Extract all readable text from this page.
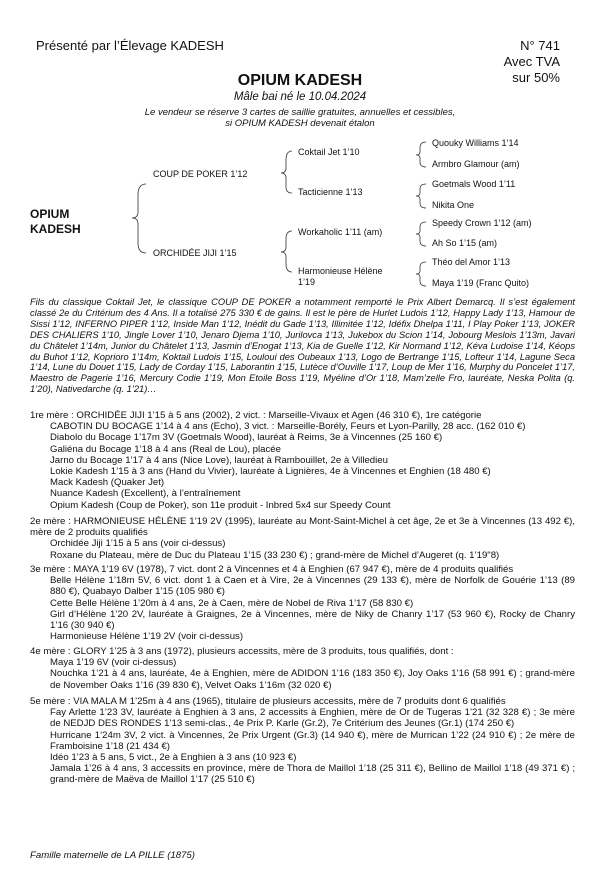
Présenté par l’Élevage KADESH	N° 741
Avec TVA
sur 50%
OPIUM KADESH
Mâle bai né le 10.04.2024
Le vendeur se réserve 3 cartes de saillie gratuites, annuelles et cessibles,
si OPIUM KADESH devenait étalon
OPIUM
KADESH
COUP DE POKER 1’12
ORCHIDÉE JIJI 1’15
Coktail Jet 1’10
Tacticienne 1’13
Workaholic 1’11 (am)
Harmonieuse Hélène
1’19
Quouky Williams 1’14
Armbro Glamour (am)
Goetmals Wood 1’11
Nikita One
Speedy Crown 1’12 (am)
Ah So 1’15 (am)
Théo del Amor 1’13
Maya 1’19 (Franc Quito)
Fils du classique Coktail Jet, le classique COUP DE POKER a notamment remporté le Prix Albert Demarcq. Il s’est également classé 2e du Critérium des 4 Ans. Il a totalisé 275 330 € de gains. Il est le père de Hurlet Ludois 1’12, Happy Lady 1’13, Hamour de Sissi 1’12, INFERNO PIPER 1’12, Inside Man 1’12, Inédit du Gade 1’13, Illimitée 1’12, Idéfix Dhelpa 1’11, I Play Poker 1’13, JOKER DES CHALIERS 1’10, Jingle Lover 1’10, Jenaro Djema 1’10, Jurilovca 1’13, Jukebox du Scion 1’14, Jobourg Meslois 1’13m, Javari du Châtelet 1’14m, Junior du Châtelet 1’13, Jasmin d’Enogat 1’13, Kia de Guelle 1’12, Kir Normand 1’12, Kéva Ludoise 1’14, Kéops du Buhot 1’12, Koprioro 1’14m, Koktail Ludois 1’15, Louloui des Oubeaux 1’13, Logo de Bertrange 1’15, Lofteur 1’14, Lagune Seca 1’14, Lune du Douet 1’15, Lady de Corday 1’15, Laborantin 1’15, Lutèce d’Ouville 1’17, Loup de Mer 1’16, Murphy du Poncelet 1’17, Maestro de Pagerie 1’16, Mercury Codie 1’19, Mon Etoile Boss 1’19, Myéline d’Or 1’18, Mam’zelle Fro, lauréate, Neska Polita (q. 1’20), Nativedarche (q. 1’21)…

1re mère : ORCHIDÉE JIJI 1’15 à 5 ans (2002), 2 vict. : Marseille-Vivaux et Agen (46 310 €), 1re catégorie

CABOTIN DU BOCAGE 1’14 à 4 ans (Echo), 3 vict. : Marseille-Borély, Feurs et Lyon-Parilly, 28 acc. (162 010 €)

Diabolo du Bocage 1’17m 3V (Goetmals Wood), lauréat à Reims, 3e à Vincennes (25 160 €)

Galiéna du Bocage 1’18 à 4 ans (Real de Lou), placée

Jarno du Bocage 1’17 à 4 ans (Nice Love), lauréat à Rambouillet, 2e à Villedieu

Lokie Kadesh 1’15 à 3 ans (Hand du Vivier), lauréate à Lignières, 4e à Vincennes et Enghien (18 480 €)

Mack Kadesh (Quaker Jet)

Nuance Kadesh (Excellent), à l’entraînement

Opium Kadesh (Coup de Poker), son 11e produit - Inbred 5x4 sur Speedy Count

2e mère : HARMONIEUSE HÉLÈNE 1’19 2V (1995), lauréate au Mont-Saint-Michel à cet âge, 2e et 3e à Vincennes (13 492 €), mère de 2 produits qualifiés

Orchidée Jiji 1’15 à 5 ans (voir ci-dessus)

Roxane du Plateau, mère de Duc du Plateau 1’15 (33 230 €) ; grand-mère de Michel d’Augeret (q. 1’19"8)

3e mère : MAYA 1’19 6V (1978), 7 vict. dont 2 à Vincennes et 4 à Enghien (67 947 €), mère de 4 produits qualifiés

Belle Hélène 1’18m 5V, 6 vict. dont 1 à Caen et à Vire, 2e à Vincennes (29 133 €), mère de Norfolk de Gouérie 1’13 (89 880 €), Quabayo Dalber 1’15 (105 980 €)

Cette Belle Hélène 1’20m à 4 ans, 2e à Caen, mère de Nobel de Riva 1’17 (58 830 €)

Girl d’Hélène 1’20 2V, lauréate à Graignes, 2e à Vincennes, mère de Niky de Chanry 1’17 (53 960 €), Rocky de Chanry 1’16 (30 940 €)

Harmonieuse Hélène 1’19 2V (voir ci-dessus)

4e mère : GLORY 1’25 à 3 ans (1972), plusieurs accessits, mère de 3 produits, tous qualifiés, dont :

Maya 1’19 6V (voir ci-dessus)

Nouchka 1’21 à 4 ans, lauréate, 4e à Enghien, mère de ADIDON 1’16 (183 350 €), Joy Oaks 1’16 (58 991 €) ; grand-mère de November Oaks 1’16 (39 830 €), Velvet Oaks 1’16m (32 020 €)

5e mère : VIA MALA M 1’25m à 4 ans (1965), titulaire de plusieurs accessits, mère de 7 produits dont 6 qualifiés

Fay Arlette 1’23 3V, lauréate à Enghien à 3 ans, 2 accessits à Enghien, mère de Or de Tugeras 1’21 (32 328 €) ; 3e mère de NEDJD DES RONDES 1’13 semi-clas., 4e Prix P. Karle (Gr.2), 7e Critérium des Jeunes (Gr.1) (174 250 €)

Hurricane 1’24m 3V, 2 vict. à Vincennes, 2e Prix Urgent (Gr.3) (14 940 €), mère de Murrican 1’22 (24 910 €) ; 2e mère de Framboisine 1’18 (21 434 €)

Idéo 1’23 à 5 ans, 5 vict., 2e à Enghien à 3 ans (10 923 €)

Jamala 1’26 à 4 ans, 3 accessits en province, mère de Thora de Maillol 1’18 (25 311 €), Bellino de Maillol 1’18 (49 371 €) ; grand-mère de Maëva de Maillol 1’17 (25 510 €)

Famille maternelle de LA PILLE (1875)
